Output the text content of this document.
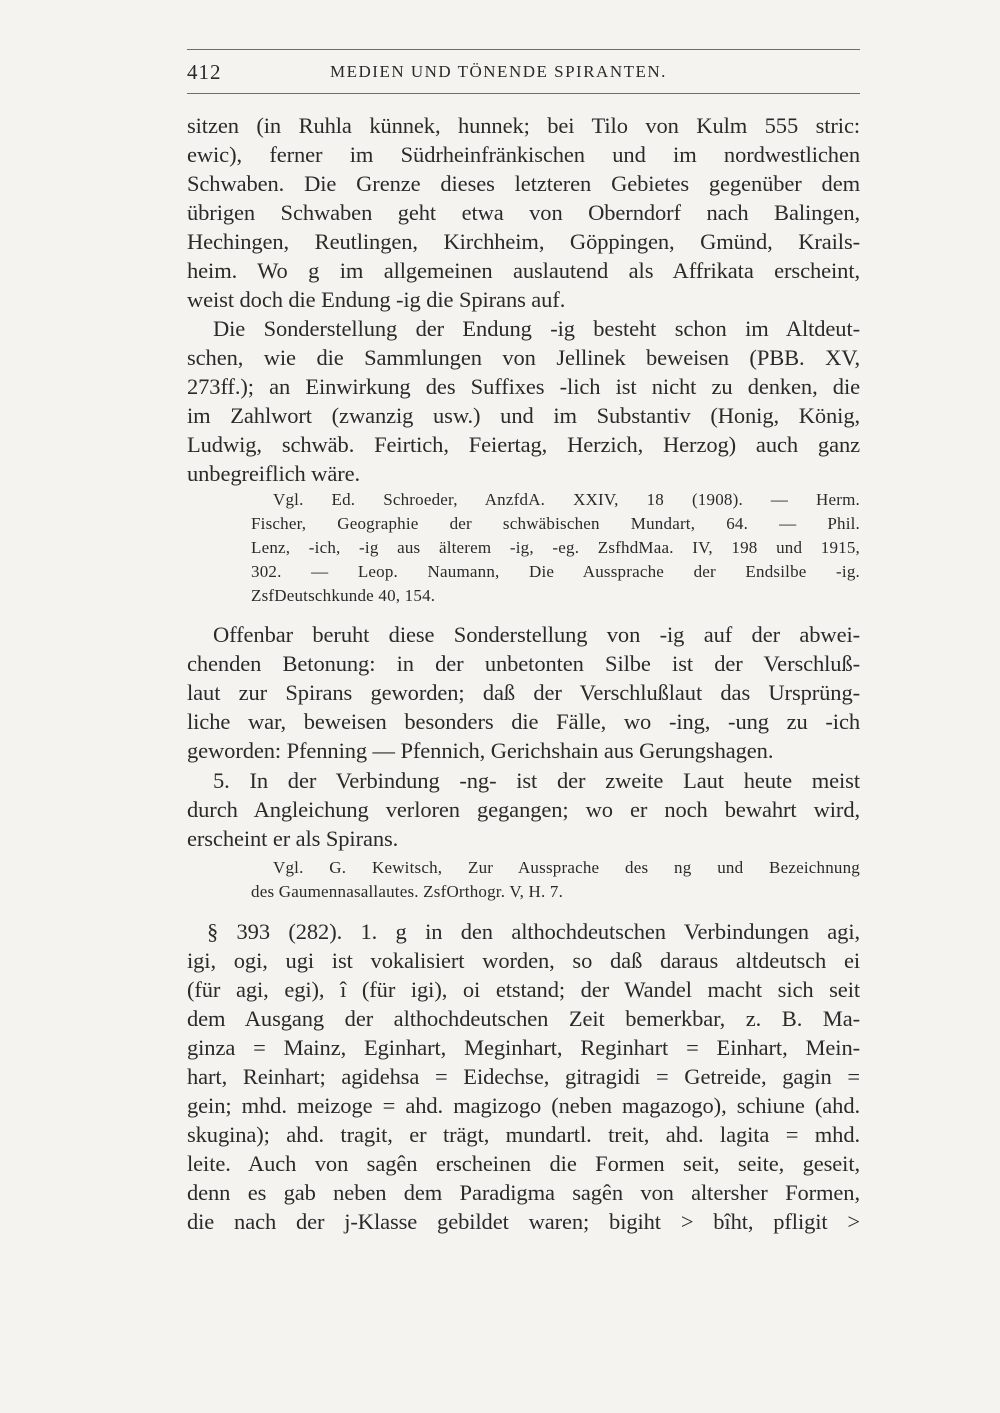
412	MEDIEN UND TÖNENDE SPIRANTEN.
sitzen (in Ruhla künnek, hunnek; bei Tilo von Kulm 555 stric:
ewic), ferner im Südrheinfränkischen und im nordwestlichen
Schwaben. Die Grenze dieses letzteren Gebietes gegenüber dem
übrigen Schwaben geht etwa von Oberndorf nach Balingen,
Hechingen, Reutlingen, Kirchheim, Göppingen, Gmünd, Krails-
heim. Wo g im allgemeinen auslautend als Affrikata erscheint,
weist doch die Endung -ig die Spirans auf.
Die Sonderstellung der Endung -ig besteht schon im Altdeut-
schen, wie die Sammlungen von Jellinek beweisen (PBB. XV,
273ff.); an Einwirkung des Suffixes -lich ist nicht zu denken, die
im Zahlwort (zwanzig usw.) und im Substantiv (Honig, König,
Ludwig, schwäb. Feirtich, Feiertag, Herzich, Herzog) auch ganz
unbegreiflich wäre.
Vgl. Ed. Schroeder, AnzfdA. XXIV, 18 (1908). — Herm.
Fischer, Geographie der schwäbischen Mundart, 64. — Phil.
Lenz, -ich, -ig aus älterem -ig, -eg. ZsfhdMaa. IV, 198 und 1915,
302. — Leop. Naumann, Die Aussprache der Endsilbe -ig.
ZsfDeutschkunde 40, 154.
Offenbar beruht diese Sonderstellung von -ig auf der abwei-
chenden Betonung: in der unbetonten Silbe ist der Verschluß-
laut zur Spirans geworden; daß der Verschlußlaut das Ursprüng-
liche war, beweisen besonders die Fälle, wo -ing, -ung zu -ich
geworden: Pfenning — Pfennich, Gerichshain aus Gerungshagen.
5. In der Verbindung -ng- ist der zweite Laut heute meist
durch Angleichung verloren gegangen; wo er noch bewahrt wird,
erscheint er als Spirans.
Vgl. G. Kewitsch, Zur Aussprache des ng und Bezeichnung
des Gaumennasallautes. ZsfOrthogr. V, H. 7.
§ 393 (282). 1. g in den althochdeutschen Verbindungen agi,
igi, ogi, ugi ist vokalisiert worden, so daß daraus altdeutsch ei
(für agi, egi), î (für igi), oi etstand; der Wandel macht sich seit
dem Ausgang der althochdeutschen Zeit bemerkbar, z. B. Ma-
ginza = Mainz, Eginhart, Meginhart, Reginhart = Einhart, Mein-
hart, Reinhart; agidehsa = Eidechse, gitragidi = Getreide, gagin =
gein; mhd. meizoge = ahd. magizogo (neben magazogo), schiune (ahd.
skugina); ahd. tragit, er trägt, mundartl. treit, ahd. lagita = mhd.
leite. Auch von sagên erscheinen die Formen seit, seite, geseit,
denn es gab neben dem Paradigma sagên von altersher Formen,
die nach der j-Klasse gebildet waren; bigiht > bîht, pfligit >
